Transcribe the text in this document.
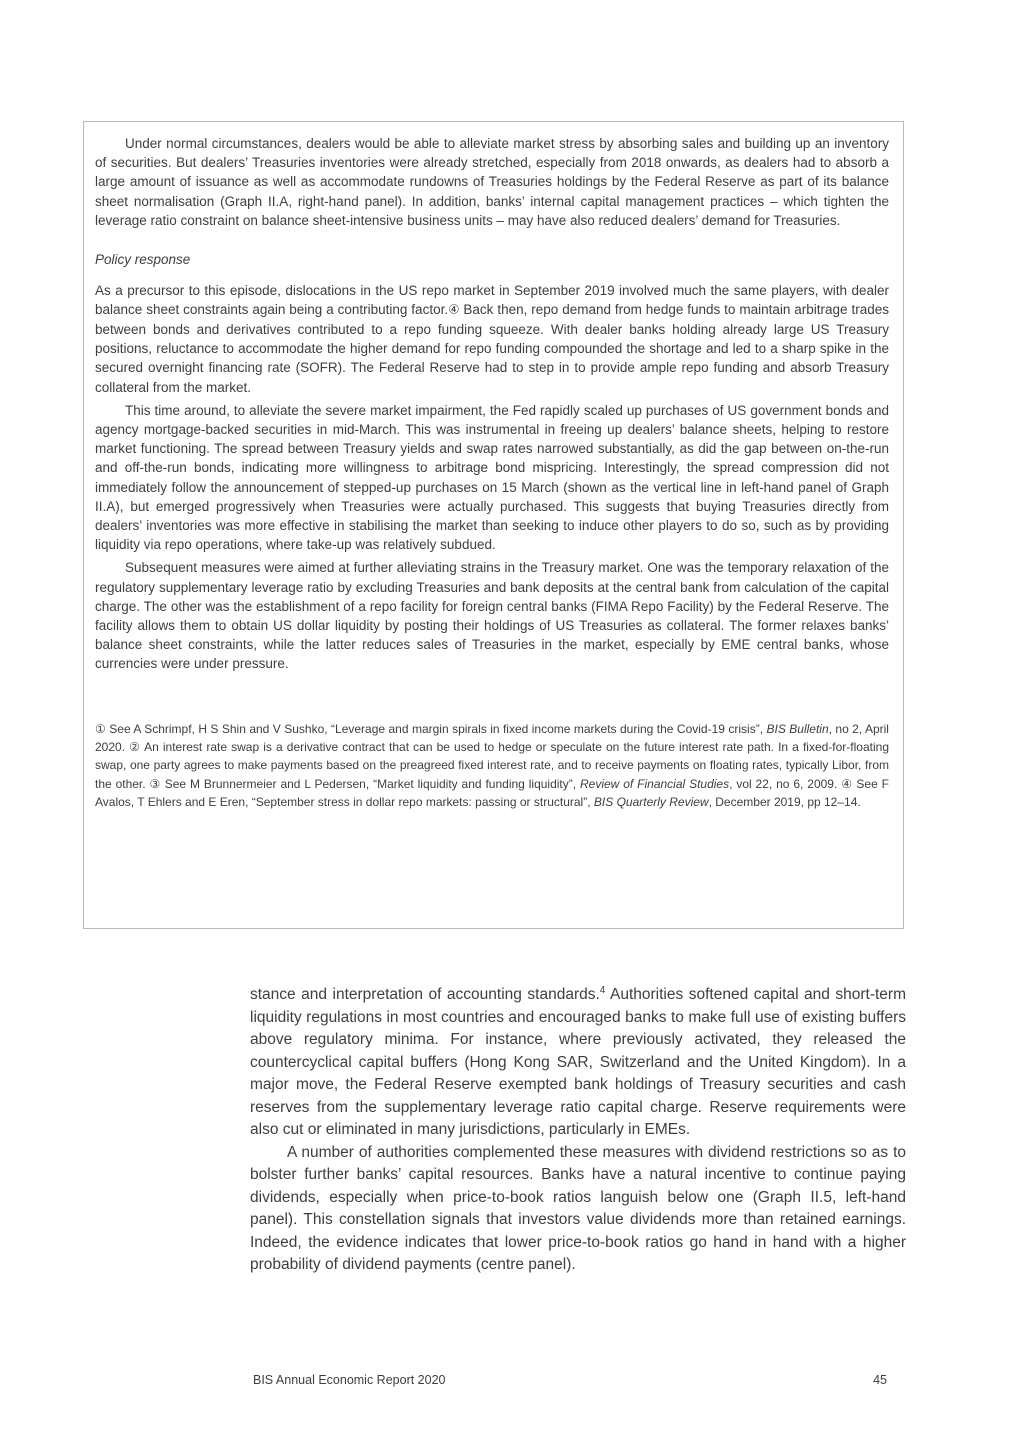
Under normal circumstances, dealers would be able to alleviate market stress by absorbing sales and building up an inventory of securities. But dealers’ Treasuries inventories were already stretched, especially from 2018 onwards, as dealers had to absorb a large amount of issuance as well as accommodate rundowns of Treasuries holdings by the Federal Reserve as part of its balance sheet normalisation (Graph II.A, right-hand panel). In addition, banks’ internal capital management practices – which tighten the leverage ratio constraint on balance sheet-intensive business units – may have also reduced dealers’ demand for Treasuries.

Policy response

As a precursor to this episode, dislocations in the US repo market in September 2019 involved much the same players, with dealer balance sheet constraints again being a contributing factor.④ Back then, repo demand from hedge funds to maintain arbitrage trades between bonds and derivatives contributed to a repo funding squeeze. With dealer banks holding already large US Treasury positions, reluctance to accommodate the higher demand for repo funding compounded the shortage and led to a sharp spike in the secured overnight financing rate (SOFR). The Federal Reserve had to step in to provide ample repo funding and absorb Treasury collateral from the market.

This time around, to alleviate the severe market impairment, the Fed rapidly scaled up purchases of US government bonds and agency mortgage-backed securities in mid-March. This was instrumental in freeing up dealers’ balance sheets, helping to restore market functioning. The spread between Treasury yields and swap rates narrowed substantially, as did the gap between on-the-run and off-the-run bonds, indicating more willingness to arbitrage bond mispricing. Interestingly, the spread compression did not immediately follow the announcement of stepped-up purchases on 15 March (shown as the vertical line in left-hand panel of Graph II.A), but emerged progressively when Treasuries were actually purchased. This suggests that buying Treasuries directly from dealers’ inventories was more effective in stabilising the market than seeking to induce other players to do so, such as by providing liquidity via repo operations, where take-up was relatively subdued.

Subsequent measures were aimed at further alleviating strains in the Treasury market. One was the temporary relaxation of the regulatory supplementary leverage ratio by excluding Treasuries and bank deposits at the central bank from calculation of the capital charge. The other was the establishment of a repo facility for foreign central banks (FIMA Repo Facility) by the Federal Reserve. The facility allows them to obtain US dollar liquidity by posting their holdings of US Treasuries as collateral. The former relaxes banks’ balance sheet constraints, while the latter reduces sales of Treasuries in the market, especially by EME central banks, whose currencies were under pressure.

① See A Schrimpf, H S Shin and V Sushko, “Leverage and margin spirals in fixed income markets during the Covid-19 crisis”, BIS Bulletin, no 2, April 2020. ② An interest rate swap is a derivative contract that can be used to hedge or speculate on the future interest rate path. In a fixed-for-floating swap, one party agrees to make payments based on the preagreed fixed interest rate, and to receive payments on floating rates, typically Libor, from the other. ③ See M Brunnermeier and L Pedersen, “Market liquidity and funding liquidity”, Review of Financial Studies, vol 22, no 6, 2009. ④ See F Avalos, T Ehlers and E Eren, “September stress in dollar repo markets: passing or structural”, BIS Quarterly Review, December 2019, pp 12–14.

stance and interpretation of accounting standards.$^4$ Authorities softened capital and short-term liquidity regulations in most countries and encouraged banks to make full use of existing buffers above regulatory minima. For instance, where previously activated, they released the countercyclical capital buffers (Hong Kong SAR, Switzerland and the United Kingdom). In a major move, the Federal Reserve exempted bank holdings of Treasury securities and cash reserves from the supplementary leverage ratio capital charge. Reserve requirements were also cut or eliminated in many jurisdictions, particularly in EMEs.

A number of authorities complemented these measures with dividend restrictions so as to bolster further banks’ capital resources. Banks have a natural incentive to continue paying dividends, especially when price-to-book ratios languish below one (Graph II.5, left-hand panel). This constellation signals that investors value dividends more than retained earnings. Indeed, the evidence indicates that lower price-to-book ratios go hand in hand with a higher probability of dividend payments (centre panel).

BIS Annual Economic Report 2020	45
